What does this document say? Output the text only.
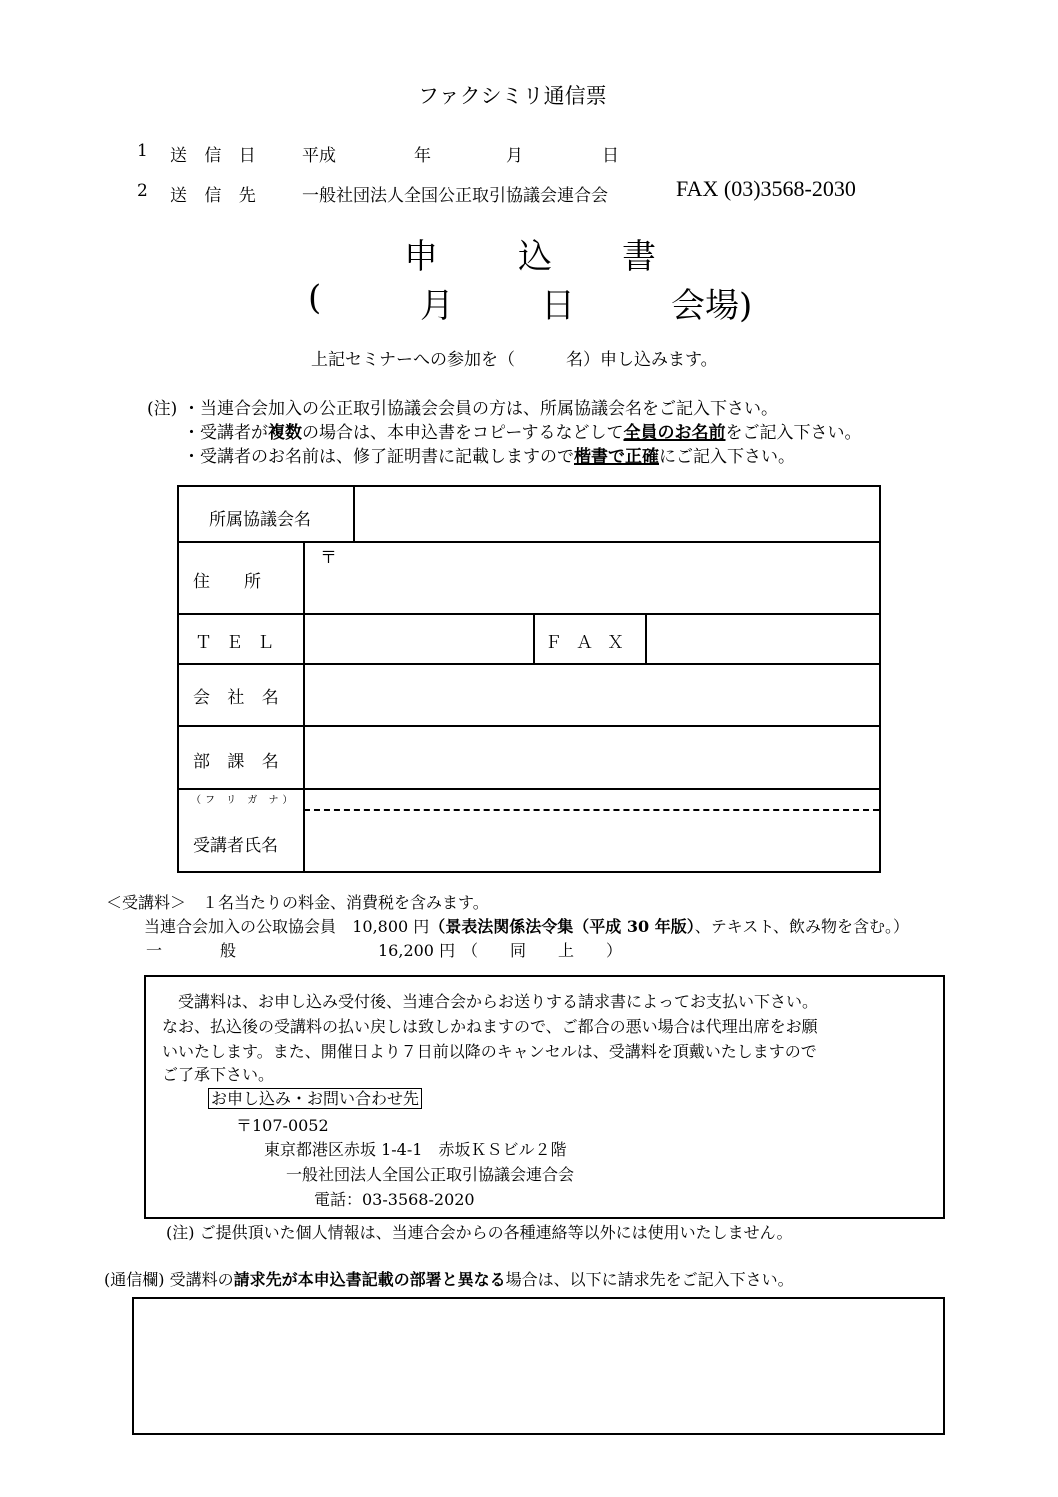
ファクシミリ通信票
1 送 信 日 平成	年	月	日
2 送 信 先 一般社団法人全国公正取引協議会連合会	FAX (03)3568-2030
申 込 書
(	月	日	会場)
上記セミナーへの参加を（　　　名）申し込みます。
(注) ・当連合会加入の公正取引協議会会員の方は、所属協議会名をご記入下さい。
・受講者が複数の場合は、本申込書をコピーするなどして全員のお名前をご記入下さい。
・受講者のお名前は、修了証明書に記載しますので楷書で正確にご記入下さい。
所属協議会名
住　　所
〒
ＴＥＬ	ＦＡＸ
会 社 名
部 課 名
（フ リ ガ ナ）
受講者氏名
＜受講料＞　１名当たりの料金、消費税を含みます。
当連合会加入の公取協会員 10,800 円（景表法関係法令集（平成 30 年版）、テキスト、飲み物を含む。）
一	般	16,200 円 （　　同　　上　　）
受講料は、お申し込み受付後、当連合会からお送りする請求書によってお支払い下さい。
なお、払込後の受講料の払い戻しは致しかねますので、ご都合の悪い場合は代理出席をお願
いいたします。また、開催日より７日前以降のキャンセルは、受講料を頂戴いたしますので
ご了承下さい。
お申し込み・お問い合わせ先
〒107-0052
東京都港区赤坂 1-4-1　赤坂ＫＳビル２階
一般社団法人全国公正取引協議会連合会
電話：03-3568-2020
(注) ご提供頂いた個人情報は、当連合会からの各種連絡等以外には使用いたしません。
(通信欄) 受講料の請求先が本申込書記載の部署と異なる場合は、以下に請求先をご記入下さい。
